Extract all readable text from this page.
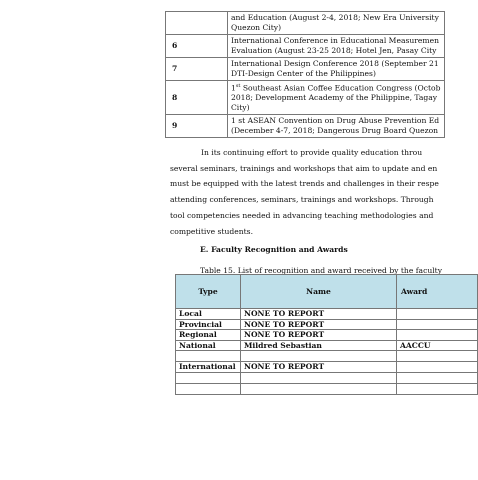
	and Education (August 2-4, 2018; New Era University
Quezon City)

6	International Conference in Educational Measuremen
Evaluation (August 23-25 2018; Hotel Jen, Pasay City

7	International Design Conference 2018 (September 21
DTI-Design Center of the Philippines)

8	1st Southeast Asian Coffee Education Congress (Octob
2018; Development Academy of the Philippine, Tagay
City)

9	1 st ASEAN Convention on Drug Abuse Prevention Ed
(December 4-7, 2018; Dangerous Drug Board Quezon
In its continuing effort to provide quality education throu
several seminars, trainings and workshops that aim to update and en
must be equipped with the latest trends and challenges in their respe
attending conferences, seminars, trainings and workshops. Through
tool competencies needed in advancing teaching methodologies and
competitive students.
E. Faculty Recognition and Awards
Table 15. List of recognition and award received by the faculty
Type	Name	Award
Local	NONE TO REPORT	
Provincial	NONE TO REPORT	
Regional	NONE TO REPORT	
National	Mildred Sebastian	AACCU

International	NONE TO REPORT	
